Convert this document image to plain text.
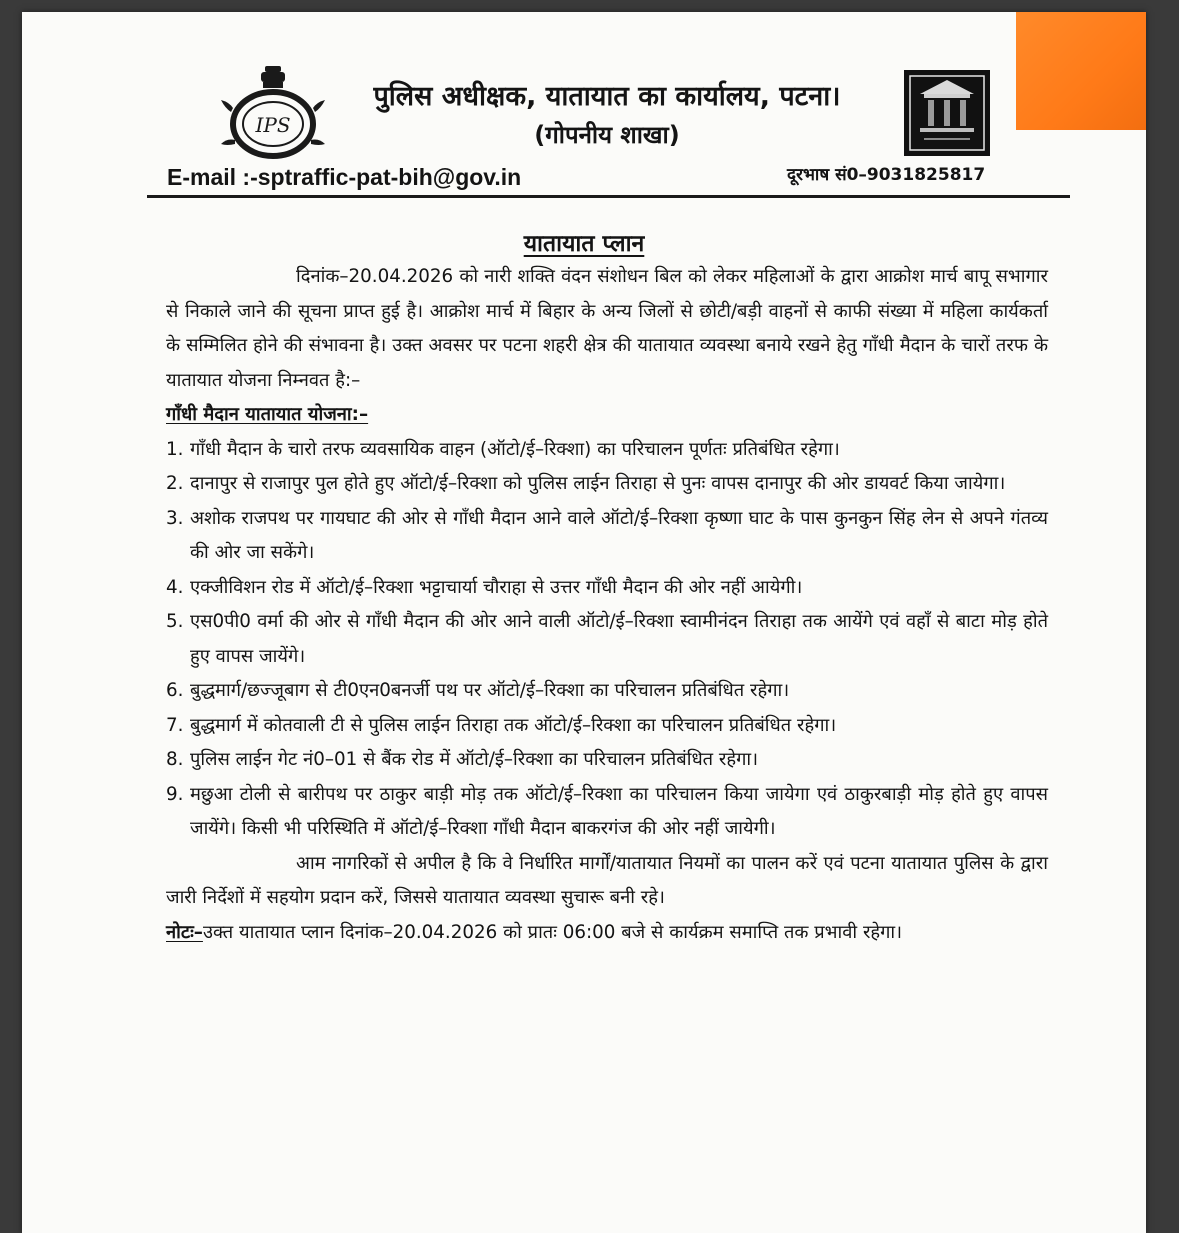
IPS
पुलिस अधीक्षक, यातायात का कार्यालय, पटना।
(गोपनीय शाखा)
E-mail :-sptraffic-pat-bih@gov.in	दूरभाष सं0–9031825817
यातायात प्लान

दिनांक–20.04.2026 को नारी शक्ति वंदन संशोधन बिल को लेकर महिलाओं के द्वारा आक्रोश मार्च बापू सभागार से निकाले जाने की सूचना प्राप्त हुई है। आक्रोश मार्च में बिहार के अन्य जिलों से छोटी/बड़ी वाहनों से काफी संख्या में महिला कार्यकर्ता के सम्मिलित होने की संभावना है। उक्त अवसर पर पटना शहरी क्षेत्र की यातायात व्यवस्था बनाये रखने हेतु गाँधी मैदान के चारों तरफ के यातायात योजना निम्नवत है:–

गाँधी मैदान यातायात योजना:–

1. गाँधी मैदान के चारो तरफ व्यवसायिक वाहन (ऑटो/ई–रिक्शा) का परिचालन पूर्णतः प्रतिबंधित रहेगा।
2. दानापुर से राजापुर पुल होते हुए ऑटो/ई–रिक्शा को पुलिस लाईन तिराहा से पुनः वापस दानापुर की ओर डायवर्ट किया जायेगा।
3. अशोक राजपथ पर गायघाट की ओर से गाँधी मैदान आने वाले ऑटो/ई–रिक्शा कृष्णा घाट के पास कुनकुन सिंह लेन से अपने गंतव्य की ओर जा सकेंगे।
4. एक्जीविशन रोड में ऑटो/ई–रिक्शा भट्टाचार्या चौराहा से उत्तर गाँधी मैदान की ओर नहीं आयेगी।
5. एस0पी0 वर्मा की ओर से गाँधी मैदान की ओर आने वाली ऑटो/ई–रिक्शा स्वामीनंदन तिराहा तक आयेंगे एवं वहाँ से बाटा मोड़ होते हुए वापस जायेंगे।
6. बुद्धमार्ग/छज्जूबाग से टी0एन0बनर्जी पथ पर ऑटो/ई–रिक्शा का परिचालन प्रतिबंधित रहेगा।
7. बुद्धमार्ग में कोतवाली टी से पुलिस लाईन तिराहा तक ऑटो/ई–रिक्शा का परिचालन प्रतिबंधित रहेगा।
8. पुलिस लाईन गेट नं0–01 से बैंक रोड में ऑटो/ई–रिक्शा का परिचालन प्रतिबंधित रहेगा।
9. मछुआ टोली से बारीपथ पर ठाकुर बाड़ी मोड़ तक ऑटो/ई–रिक्शा का परिचालन किया जायेगा एवं ठाकुरबाड़ी मोड़ होते हुए वापस जायेंगे। किसी भी परिस्थिति में ऑटो/ई–रिक्शा गाँधी मैदान बाकरगंज की ओर नहीं जायेगी।

आम नागरिकों से अपील है कि वे निर्धारित मार्गों/यातायात नियमों का पालन करें एवं पटना यातायात पुलिस के द्वारा जारी निर्देशों में सहयोग प्रदान करें, जिससे यातायात व्यवस्था सुचारू बनी रहे।

नोटः– उक्त यातायात प्लान दिनांक–20.04.2026 को प्रातः 06:00 बजे से कार्यक्रम समाप्ति तक प्रभावी रहेगा।
